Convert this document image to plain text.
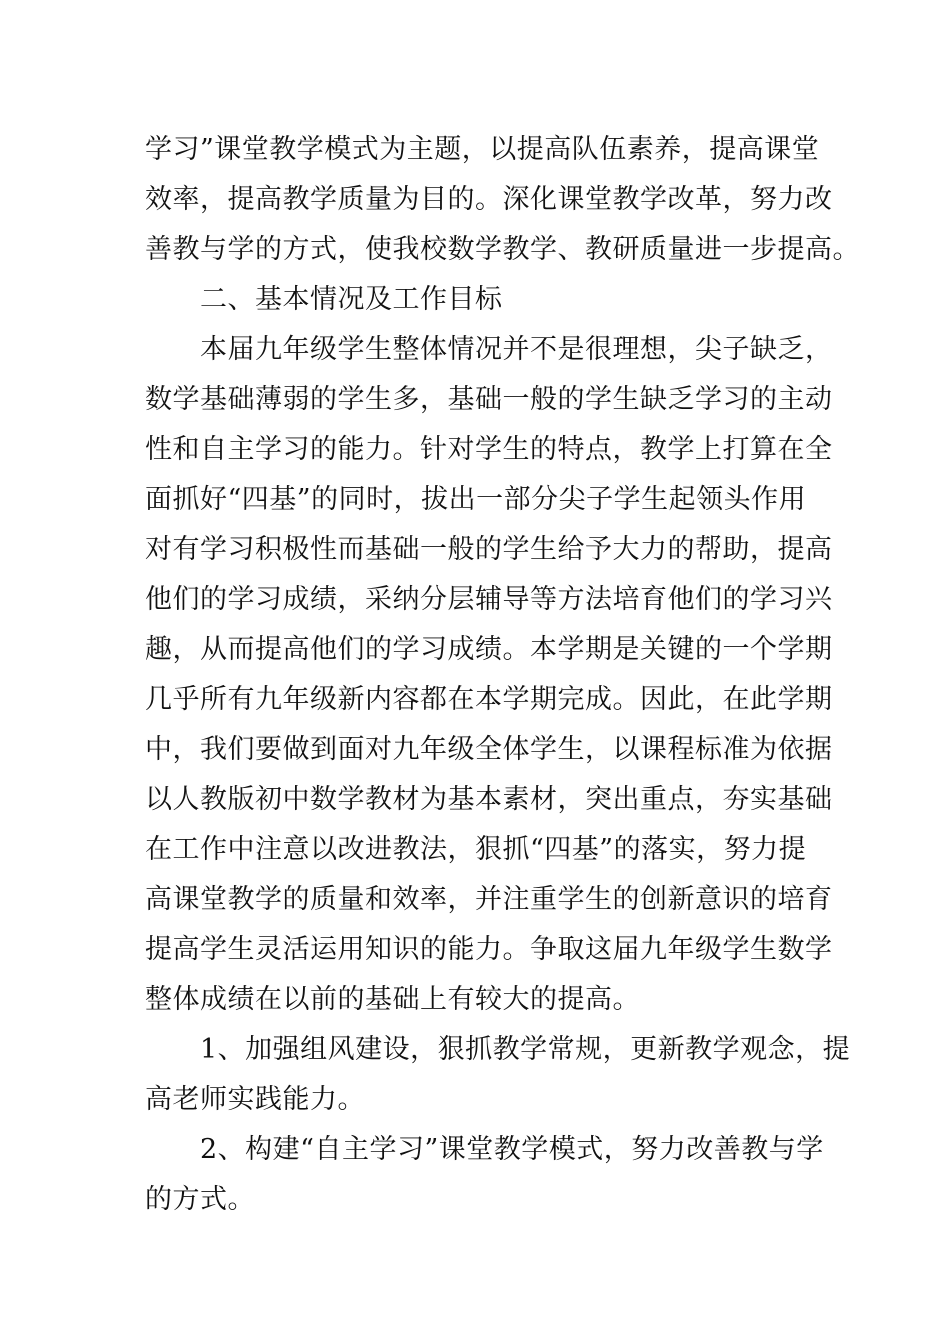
学习”课堂教学模式为主题，以提高队伍素养，提高课堂
效率，提高教学质量为目的。深化课堂教学改革，努力改
善教与学的方式，使我校数学教学、教研质量进一步提高。
二、基本情况及工作目标
本届九年级学生整体情况并不是很理想，尖子缺乏，
数学基础薄弱的学生多，基础一般的学生缺乏学习的主动
性和自主学习的能力。针对学生的特点，教学上打算在全
面抓好“四基”的同时，拔出一部分尖子学生起领头作用
对有学习积极性而基础一般的学生给予大力的帮助，提高
他们的学习成绩，采纳分层辅导等方法培育他们的学习兴
趣，从而提高他们的学习成绩。本学期是关键的一个学期
几乎所有九年级新内容都在本学期完成。因此，在此学期
中，我们要做到面对九年级全体学生，以课程标准为依据
以人教版初中数学教材为基本素材，突出重点，夯实基础
在工作中注意以改进教法，狠抓“四基”的落实，努力提
高课堂教学的质量和效率，并注重学生的创新意识的培育
提高学生灵活运用知识的能力。争取这届九年级学生数学
整体成绩在以前的基础上有较大的提高。
1、加强组风建设，狠抓教学常规，更新教学观念，提
高老师实践能力。
2、构建“自主学习”课堂教学模式，努力改善教与学
的方式。
